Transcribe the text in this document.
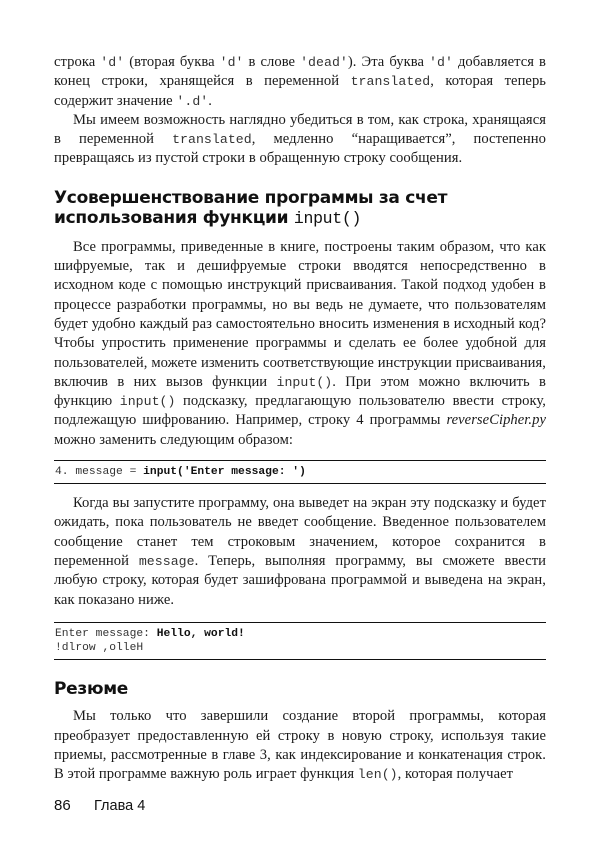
строка 'd' (вторая буква 'd' в слове 'dead'). Эта буква 'd' добавляется в конец строки, хранящейся в переменной translated, которая теперь содержит значение '.d'.

Мы имеем возможность наглядно убедиться в том, как строка, хранящаяся в переменной translated, медленно “наращивается”, постепенно превращаясь из пустой строки в обращенную строку сообщения.

Усовершенствование программы за счет
использования функции input()

Все программы, приведенные в книге, построены таким образом, что как шифруемые, так и дешифруемые строки вводятся непосредственно в исходном коде с помощью инструкций присваивания. Такой подход удобен в процессе разработки программы, но вы ведь не думаете, что пользователям будет удобно каждый раз самостоятельно вносить изменения в исходный код? Чтобы упростить применение программы и сделать ее более удобной для пользователей, можете изменить соответствующие инструкции присваивания, включив в них вызов функции input(). При этом можно включить в функцию input() подсказку, предлагающую пользователю ввести строку, подлежащую шифрованию. Например, строку 4 программы reverseCipher.py можно заменить следующим образом:

4. message = input('Enter message: ')

Когда вы запустите программу, она выведет на экран эту подсказку и будет ожидать, пока пользователь не введет сообщение. Введенное пользователем сообщение станет тем строковым значением, которое сохранится в переменной message. Теперь, выполняя программу, вы сможете ввести любую строку, которая будет зашифрована программой и выведена на экран, как показано ниже.

Enter message: Hello, world!
!dlrow ,olleH
Резюме

Мы только что завершили создание второй программы, которая преобразует предоставленную ей строку в новую строку, используя такие приемы, рассмотренные в главе 3, как индексирование и конкатенация строк. В этой программе важную роль играет функция len(), которая получает

86 Глава 4
